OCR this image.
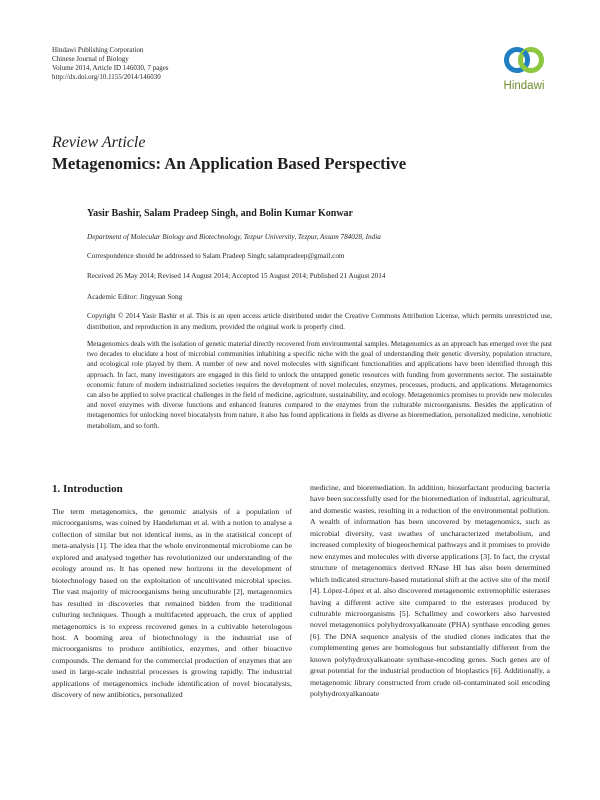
Hindawi Publishing Corporation
Chinese Journal of Biology
Volume 2014, Article ID 146030, 7 pages
http://dx.doi.org/10.1155/2014/146030
Hindawi
Review Article
Metagenomics: An Application Based Perspective
Yasir Bashir, Salam Pradeep Singh, and Bolin Kumar Konwar
Department of Molecular Biology and Biotechnology, Tezpur University, Tezpur, Assam 784028, India
Correspondence should be addressed to Salam Pradeep Singh; salampradeep@gmail.com
Received 26 May 2014; Revised 14 August 2014; Accepted 15 August 2014; Published 21 August 2014
Academic Editor: Jingyuan Song
Copyright © 2014 Yasir Bashir et al. This is an open access article distributed under the Creative Commons Attribution License, which permits unrestricted use, distribution, and reproduction in any medium, provided the original work is properly cited.
Metagenomics deals with the isolation of genetic material directly recovered from environmental samples. Metagenomics as an approach has emerged over the past two decades to elucidate a host of microbial communities inhabiting a specific niche with the goal of understanding their genetic diversity, population structure, and ecological role played by them. A number of new and novel molecules with significant functionalities and applications have been identified through this approach. In fact, many investigators are engaged in this field to unlock the untapped genetic resources with funding from governments sector. The sustainable economic future of modern industrialized societies requires the development of novel molecules, enzymes, processes, products, and applications. Metagenomics can also be applied to solve practical challenges in the field of medicine, agriculture, sustainability, and ecology. Metagenomics promises to provide new molecules and novel enzymes with diverse functions and enhanced features compared to the enzymes from the culturable microorganisms. Besides the application of metagenomics for unlocking novel biocatalysts from nature, it also has found applications in fields as diverse as bioremediation, personalized medicine, xenobiotic metabolism, and so forth.
1. Introduction

The term metagenomics, the genomic analysis of a population of microorganisms, was coined by Handelsman et al. with a notion to analyse a collection of similar but not identical items, as in the statistical concept of meta-analysis [1]. The idea that the whole environmental microbiome can be explored and analysed together has revolutionized our understanding of the ecology around us. It has opened new horizons in the development of biotechnology based on the exploitation of uncultivated microbial species. The vast majority of microorganisms being unculturable [2], metagenomics has resulted in discoveries that remained hidden from the traditional culturing techniques. Though a multifaceted approach, the crux of applied metagenomics is to express recovered genes in a cultivable heterologous host. A booming area of biotechnology is the industrial use of microorganisms to produce antibiotics, enzymes, and other bioactive compounds. The demand for the commercial production of enzymes that are used in large-scale industrial processes is growing rapidly. The industrial applications of metagenomics include identification of novel biocatalysts, discovery of new antibiotics, personalized

medicine, and bioremediation. In addition, biosurfactant producing bacteria have been successfully used for the bioremediation of industrial, agricultural, and domestic wastes, resulting in a reduction of the environmental pollution. A wealth of information has been uncovered by metagenomics, such as microbial diversity, vast swathes of uncharacterized metabolism, and increased complexity of biogeochemical pathways and it promises to provide new enzymes and molecules with diverse applications [3]. In fact, the crystal structure of metagenomics derived RNase HI has also been determined which indicated structure-based mutational shift at the active site of the motif [4]. López-López et al. also discovered metagenomic extremophilic esterases having a different active site compared to the esterases produced by culturable microorganisms [5]. Schallmey and coworkers also harvested novel metagenomics polyhydroxyalkanoate (PHA) synthase encoding genes [6]. The DNA sequence analysis of the studied clones indicates that the complementing genes are homologous but substantially different from the known polyhydroxyalkanoate synthase-encoding genes. Such genes are of great potential for the industrial production of bioplastics [6]. Additionally, a metagenomic library constructed from crude oil-contaminated soil encoding polyhydroxyalkanoate
